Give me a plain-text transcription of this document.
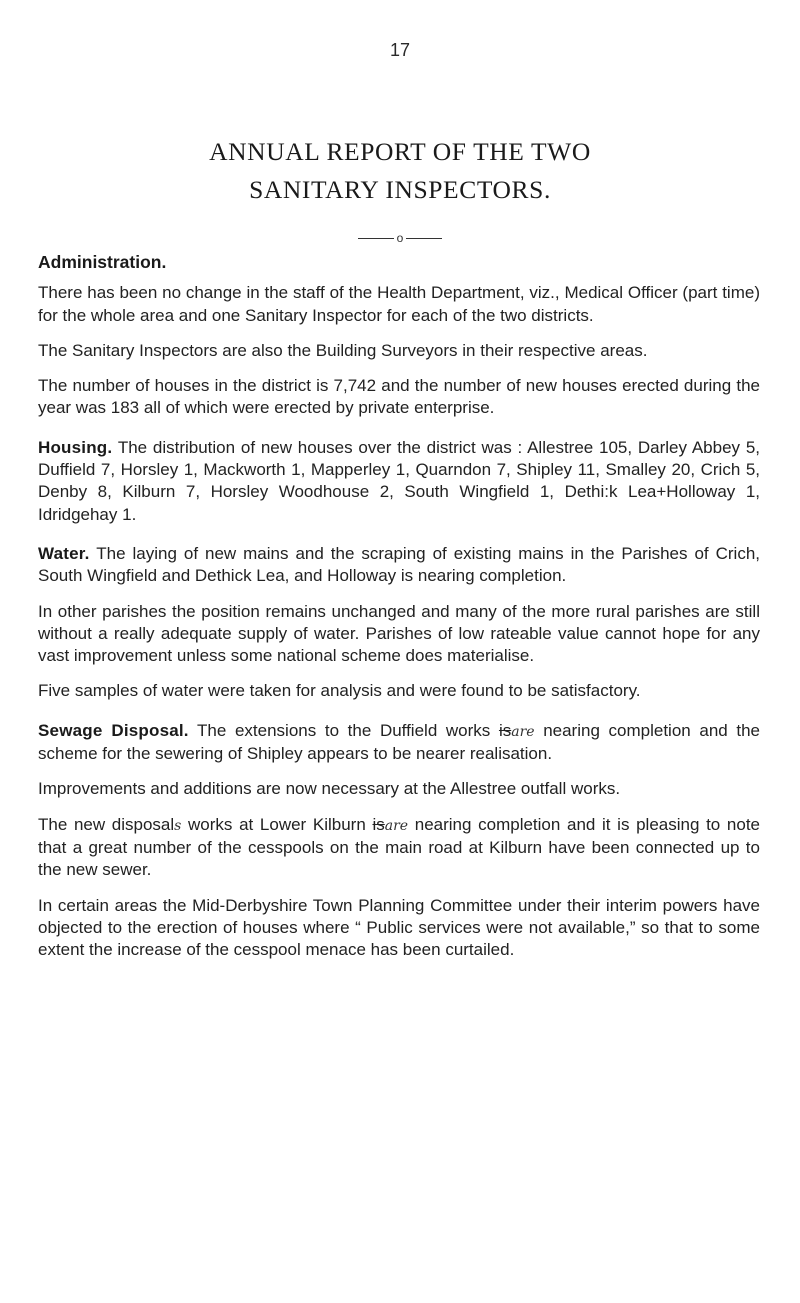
17
ANNUAL REPORT OF THE TWO
SANITARY INSPECTORS.
o
Administration.

There has been no change in the staff of the Health Department, viz., Medical Officer (part time) for the whole area and one Sanitary Inspector for each of the two districts.

The Sanitary Inspectors are also the Building Surveyors in their respective areas.

The number of houses in the district is 7,742 and the number of new houses erected during the year was 183 all of which were erected by private enterprise.

Housing. The distribution of new houses over the district was : Allestree 105, Darley Abbey 5, Duffield 7, Horsley 1, Mackworth 1, Mapperley 1, Quarndon 7, Shipley 11, Smalley 20, Crich 5, Denby 8, Kilburn 7, Horsley Woodhouse 2, South Wingfield 1, Dethi:k Lea+Holloway 1, Idridgehay 1.

Water. The laying of new mains and the scraping of existing mains in the Parishes of Crich, South Wingfield and Dethick Lea, and Holloway is nearing completion.

In other parishes the position remains unchanged and many of the more rural parishes are still without a really adequate supply of water. Parishes of low rateable value cannot hope for any vast improvement unless some national scheme does materialise.

Five samples of water were taken for analysis and were found to be satisfactory.

Sewage Disposal. The extensions to the Duffield works isare nearing completion and the scheme for the sewering of Shipley appears to be nearer realisation.

Improvements and additions are now necessary at the Allestree outfall works.

The new disposals works at Lower Kilburn isare nearing completion and it is pleasing to note that a great number of the cesspools on the main road at Kilburn have been connected up to the new sewer.

In certain areas the Mid-Derbyshire Town Planning Committee under their interim powers have objected to the erection of houses where “ Public services were not available,” so that to some extent the increase of the cesspool menace has been curtailed.
